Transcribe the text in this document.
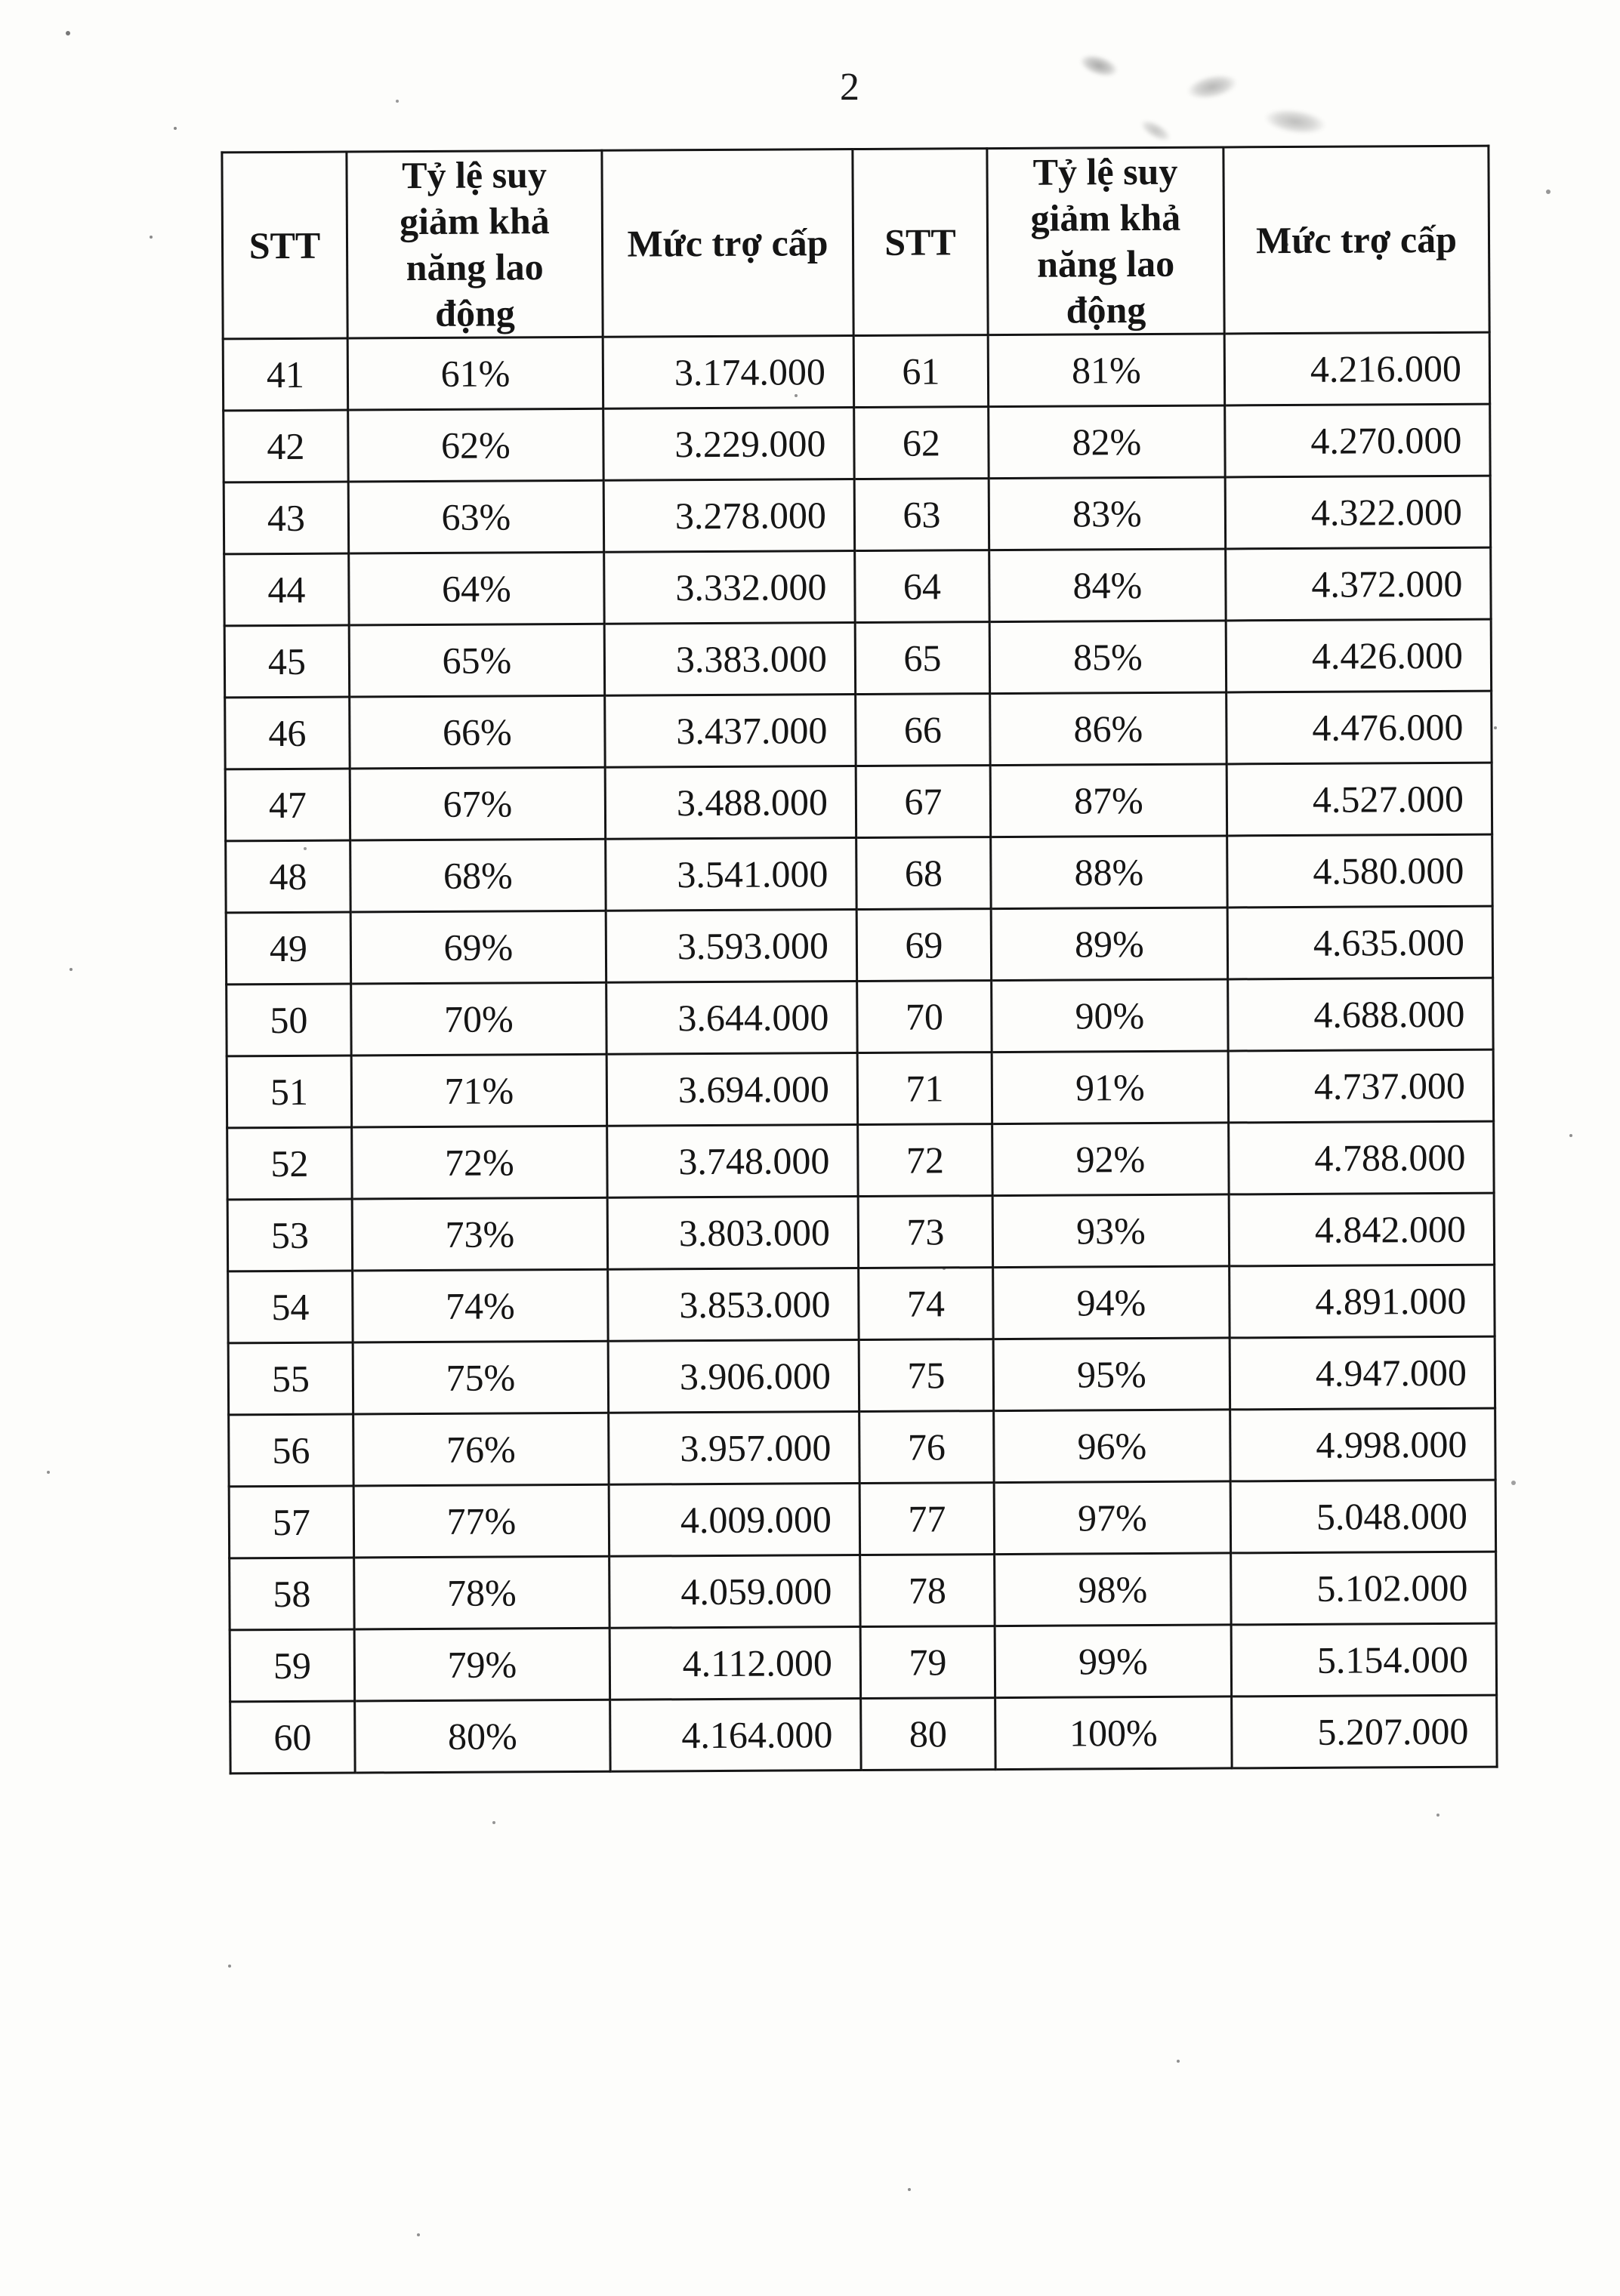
2
STT	Tỷ lệ suy giảm khả năng lao động	Mức trợ cấp	STT	Tỷ lệ suy giảm khả năng lao động	Mức trợ cấp
41	61%	3.174.000	61	81%	4.216.000
42	62%	3.229.000	62	82%	4.270.000
43	63%	3.278.000	63	83%	4.322.000
44	64%	3.332.000	64	84%	4.372.000
45	65%	3.383.000	65	85%	4.426.000
46	66%	3.437.000	66	86%	4.476.000
47	67%	3.488.000	67	87%	4.527.000
48	68%	3.541.000	68	88%	4.580.000
49	69%	3.593.000	69	89%	4.635.000
50	70%	3.644.000	70	90%	4.688.000
51	71%	3.694.000	71	91%	4.737.000
52	72%	3.748.000	72	92%	4.788.000
53	73%	3.803.000	73	93%	4.842.000
54	74%	3.853.000	74	94%	4.891.000
55	75%	3.906.000	75	95%	4.947.000
56	76%	3.957.000	76	96%	4.998.000
57	77%	4.009.000	77	97%	5.048.000
58	78%	4.059.000	78	98%	5.102.000
59	79%	4.112.000	79	99%	5.154.000
60	80%	4.164.000	80	100%	5.207.000
